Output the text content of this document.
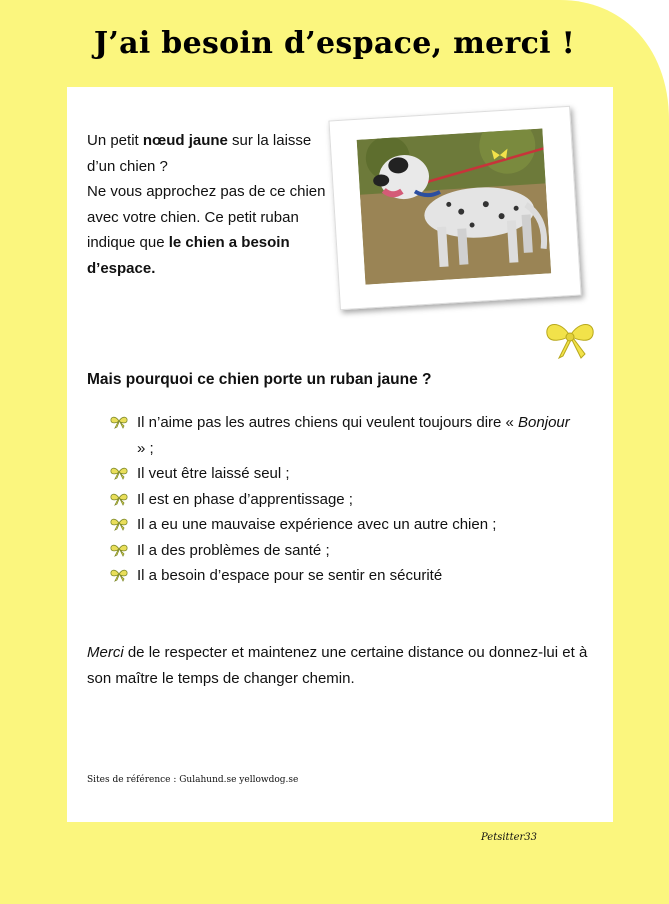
J’ai besoin d’espace, merci !
Un petit nœud jaune sur la laisse d’un chien ?
Ne vous approchez pas de ce chien avec votre chien. Ce petit ruban indique que le chien a besoin d’espace.
Mais pourquoi ce chien porte un ruban jaune ?
Il n’aime pas les autres chiens qui veulent toujours dire « Bonjour » ;
Il veut être laissé seul ;
Il est en phase d’apprentissage ;
Il a eu une mauvaise expérience avec un autre chien ;
Il a des problèmes de santé ;
Il a besoin d’espace pour se sentir en sécurité
Merci de le respecter et maintenez une certaine distance ou donnez-lui et à son maître le temps de changer chemin.
Sites de référence : Gulahund.se yellowdog.se
Petsitter33
